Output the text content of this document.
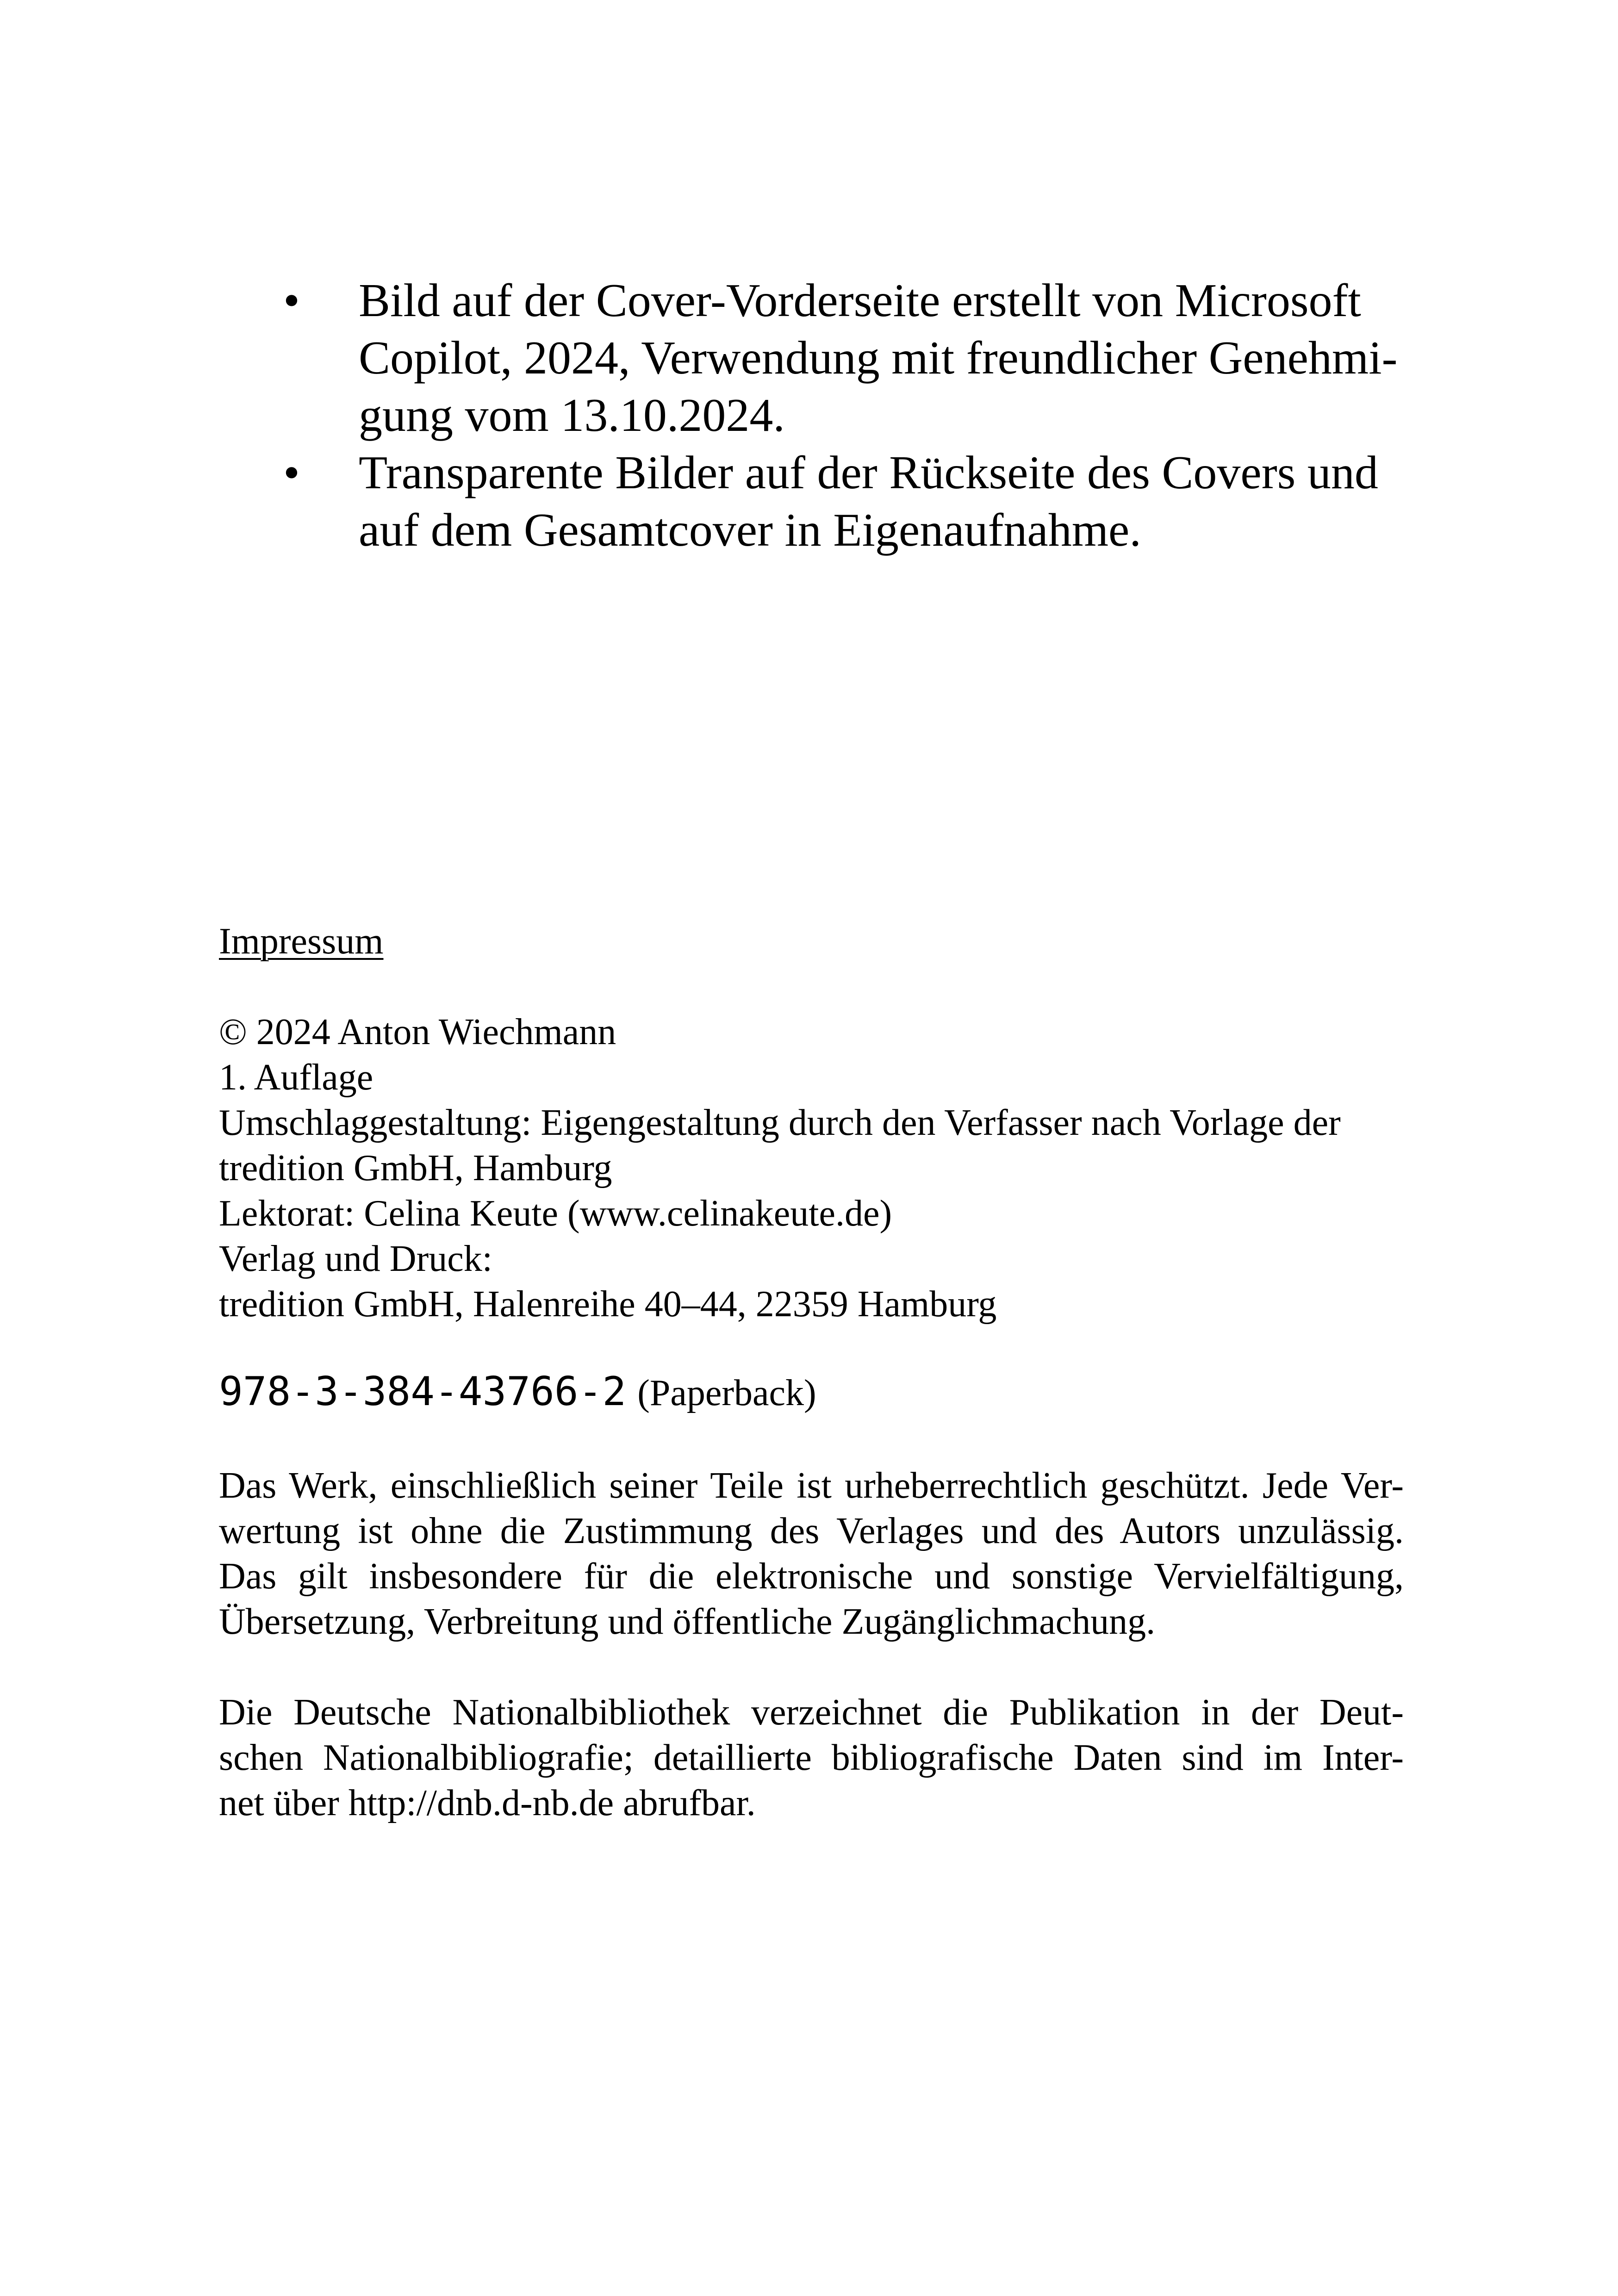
• Bild auf der Cover-Vorderseite erstellt von Microsoft
Copilot, 2024, Verwendung mit freundlicher Genehmi-
gung vom 13.10.2024.
• Transparente Bilder auf der Rückseite des Covers und
auf dem Gesamtcover in Eigenaufnahme.
Impressum
© 2024 Anton Wiechmann
1. Auflage
Umschlaggestaltung: Eigengestaltung durch den Verfasser nach Vorlage der
tredition GmbH, Hamburg
Lektorat: Celina Keute (www.celinakeute.de)
Verlag und Druck:
tredition GmbH, Halenreihe 40–44, 22359 Hamburg
978-3-384-43766-2 (Paperback)
Das Werk, einschließlich seiner Teile ist urheberrechtlich geschützt. Jede Ver-
wertung ist ohne die Zustimmung des Verlages und des Autors unzulässig.
Das gilt insbesondere für die elektronische und sonstige Vervielfältigung,
Übersetzung, Verbreitung und öffentliche Zugänglichmachung.
Die Deutsche Nationalbibliothek verzeichnet die Publikation in der Deut-
schen Nationalbibliografie; detaillierte bibliografische Daten sind im Inter-
net über http://dnb.d-nb.de abrufbar.
